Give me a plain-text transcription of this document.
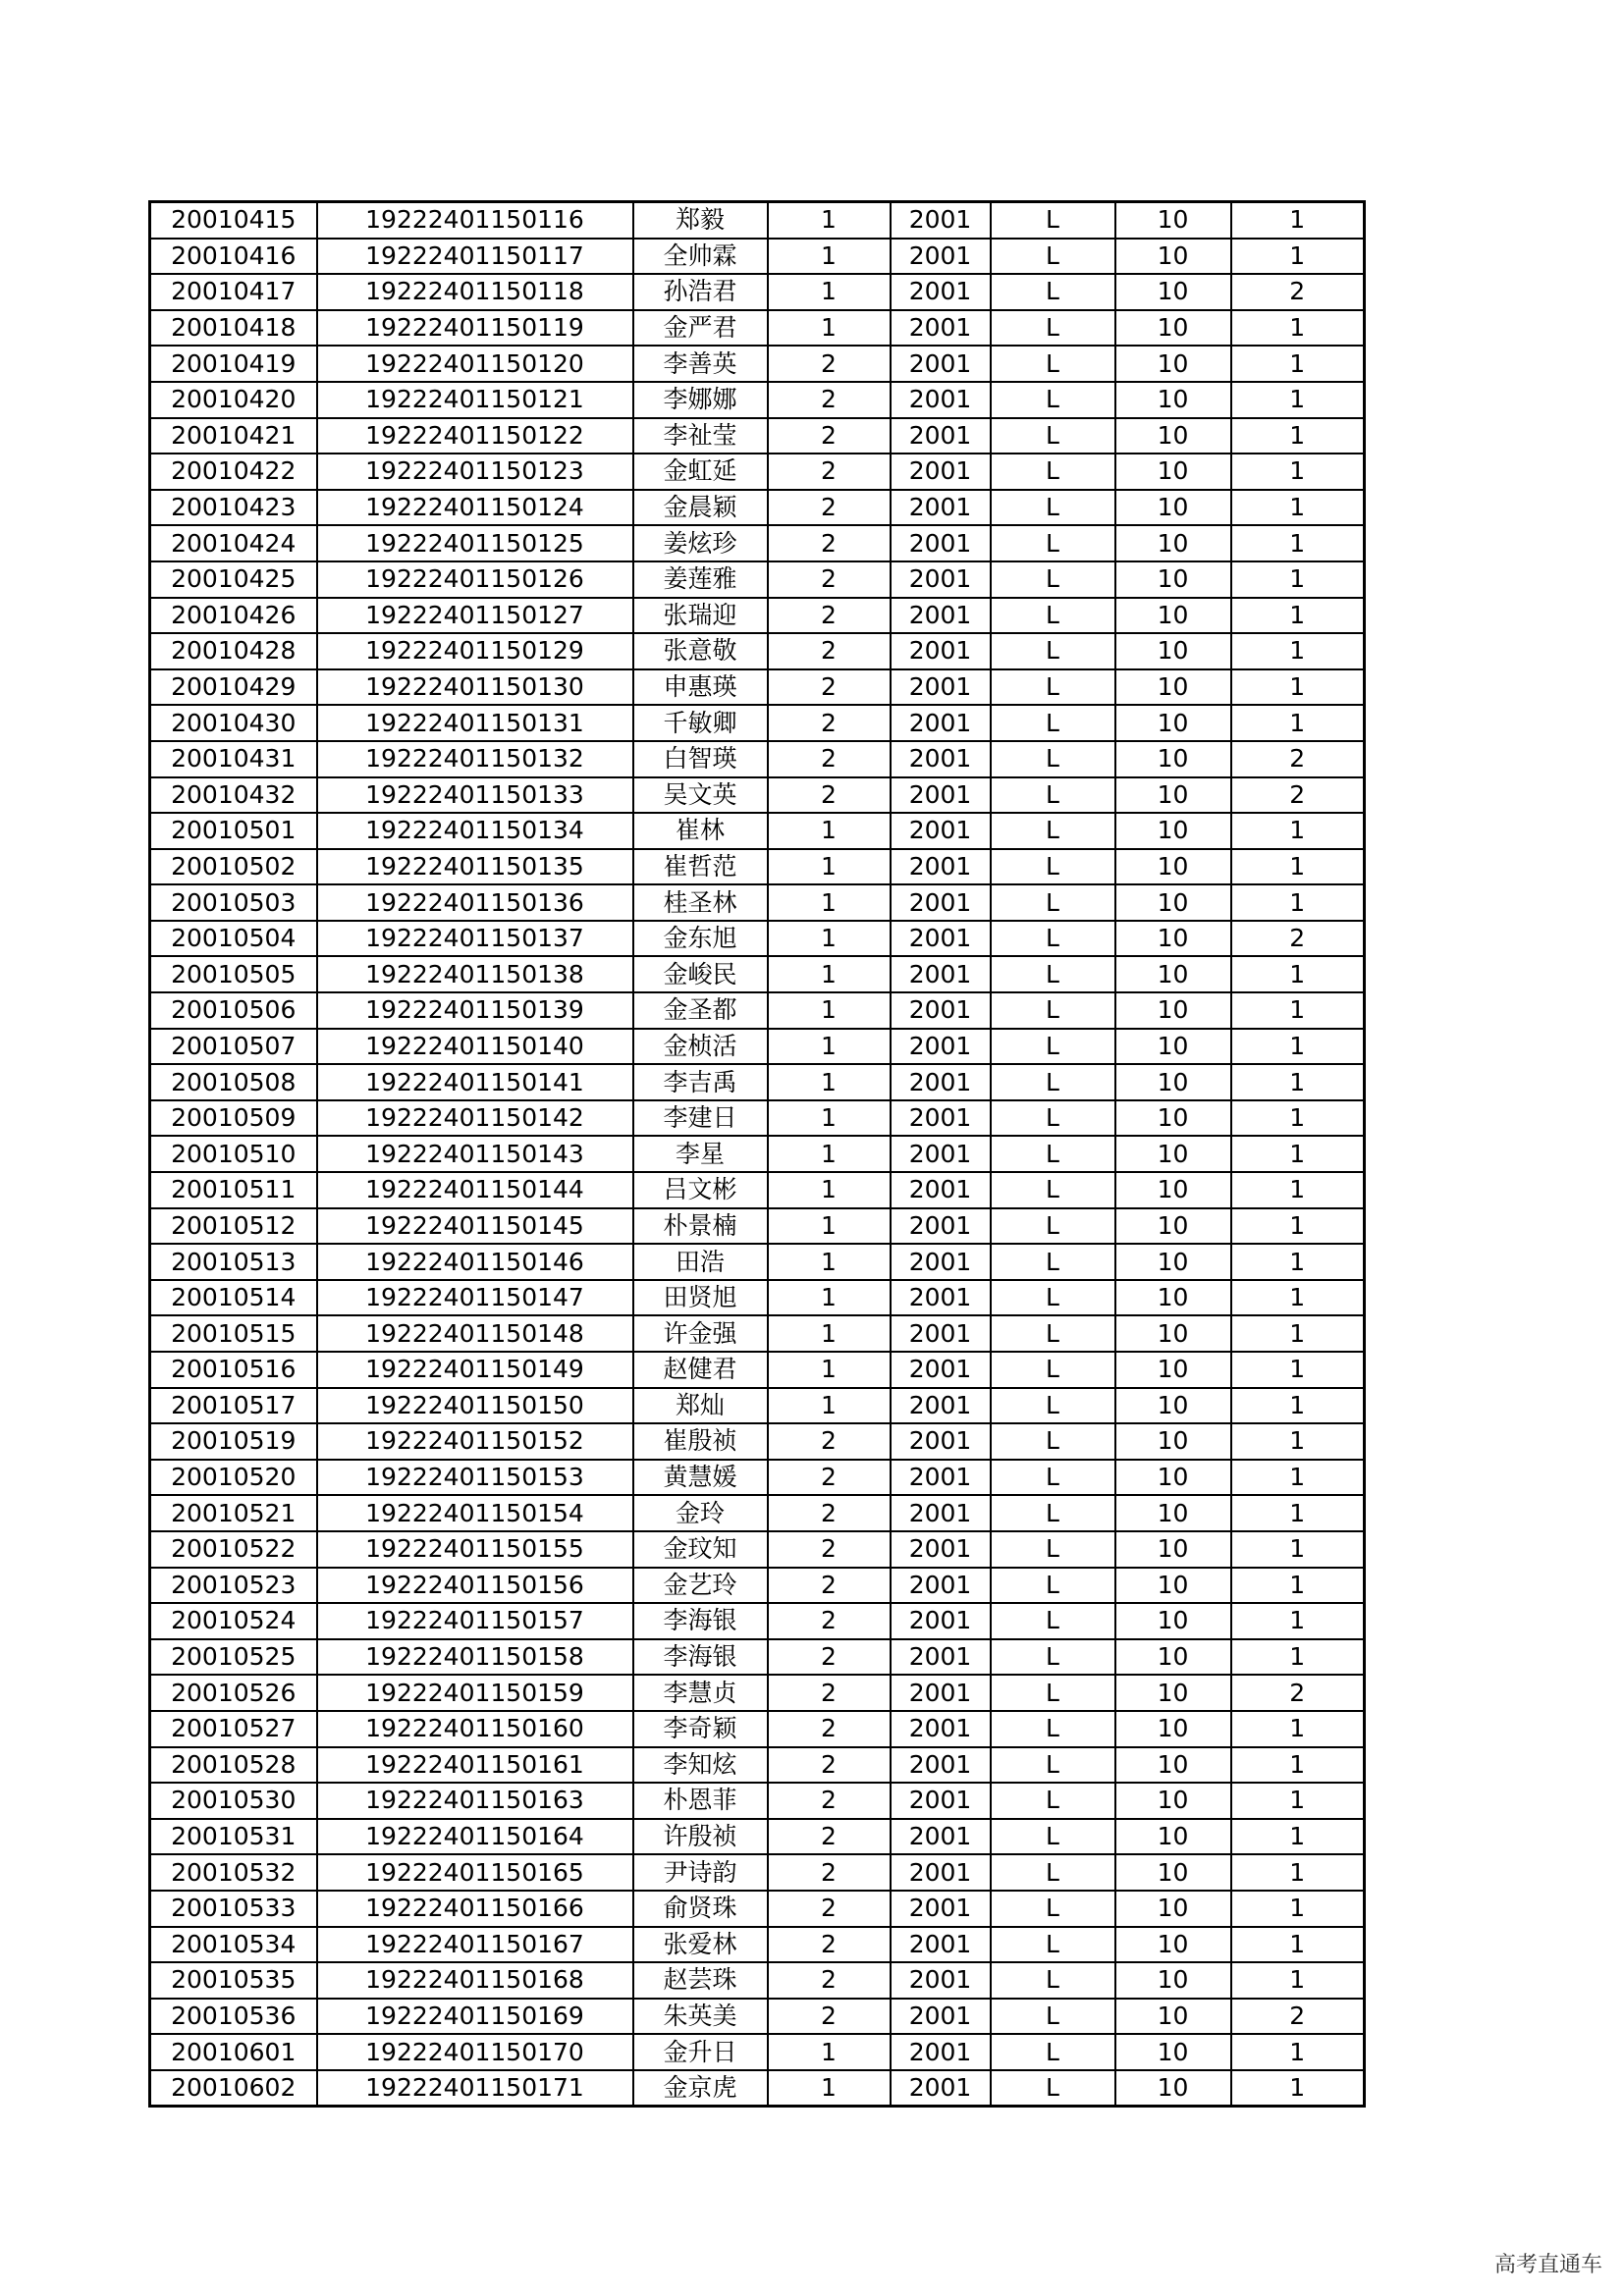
20010415	19222401150116	郑毅	1	2001	L	10	1
20010416	19222401150117	全帅霖	1	2001	L	10	1
20010417	19222401150118	孙浩君	1	2001	L	10	2
20010418	19222401150119	金严君	1	2001	L	10	1
20010419	19222401150120	李善英	2	2001	L	10	1
20010420	19222401150121	李娜娜	2	2001	L	10	1
20010421	19222401150122	李祉莹	2	2001	L	10	1
20010422	19222401150123	金虹延	2	2001	L	10	1
20010423	19222401150124	金晨颖	2	2001	L	10	1
20010424	19222401150125	姜炫珍	2	2001	L	10	1
20010425	19222401150126	姜莲雅	2	2001	L	10	1
20010426	19222401150127	张瑞迎	2	2001	L	10	1
20010428	19222401150129	张意敬	2	2001	L	10	1
20010429	19222401150130	申惠瑛	2	2001	L	10	1
20010430	19222401150131	千敏卿	2	2001	L	10	1
20010431	19222401150132	白智瑛	2	2001	L	10	2
20010432	19222401150133	吴文英	2	2001	L	10	2
20010501	19222401150134	崔林	1	2001	L	10	1
20010502	19222401150135	崔哲范	1	2001	L	10	1
20010503	19222401150136	桂圣林	1	2001	L	10	1
20010504	19222401150137	金东旭	1	2001	L	10	2
20010505	19222401150138	金峻民	1	2001	L	10	1
20010506	19222401150139	金圣都	1	2001	L	10	1
20010507	19222401150140	金桢活	1	2001	L	10	1
20010508	19222401150141	李吉禹	1	2001	L	10	1
20010509	19222401150142	李建日	1	2001	L	10	1
20010510	19222401150143	李星	1	2001	L	10	1
20010511	19222401150144	吕文彬	1	2001	L	10	1
20010512	19222401150145	朴景楠	1	2001	L	10	1
20010513	19222401150146	田浩	1	2001	L	10	1
20010514	19222401150147	田贤旭	1	2001	L	10	1
20010515	19222401150148	许金强	1	2001	L	10	1
20010516	19222401150149	赵健君	1	2001	L	10	1
20010517	19222401150150	郑灿	1	2001	L	10	1
20010519	19222401150152	崔殷祯	2	2001	L	10	1
20010520	19222401150153	黄慧媛	2	2001	L	10	1
20010521	19222401150154	金玲	2	2001	L	10	1
20010522	19222401150155	金玟知	2	2001	L	10	1
20010523	19222401150156	金艺玲	2	2001	L	10	1
20010524	19222401150157	李海银	2	2001	L	10	1
20010525	19222401150158	李海银	2	2001	L	10	1
20010526	19222401150159	李慧贞	2	2001	L	10	2
20010527	19222401150160	李奇颖	2	2001	L	10	1
20010528	19222401150161	李知炫	2	2001	L	10	1
20010530	19222401150163	朴恩菲	2	2001	L	10	1
20010531	19222401150164	许殷祯	2	2001	L	10	1
20010532	19222401150165	尹诗韵	2	2001	L	10	1
20010533	19222401150166	俞贤珠	2	2001	L	10	1
20010534	19222401150167	张爱林	2	2001	L	10	1
20010535	19222401150168	赵芸珠	2	2001	L	10	1
20010536	19222401150169	朱英美	2	2001	L	10	2
20010601	19222401150170	金升日	1	2001	L	10	1
20010602	19222401150171	金京虎	1	2001	L	10	1
高考直通车
